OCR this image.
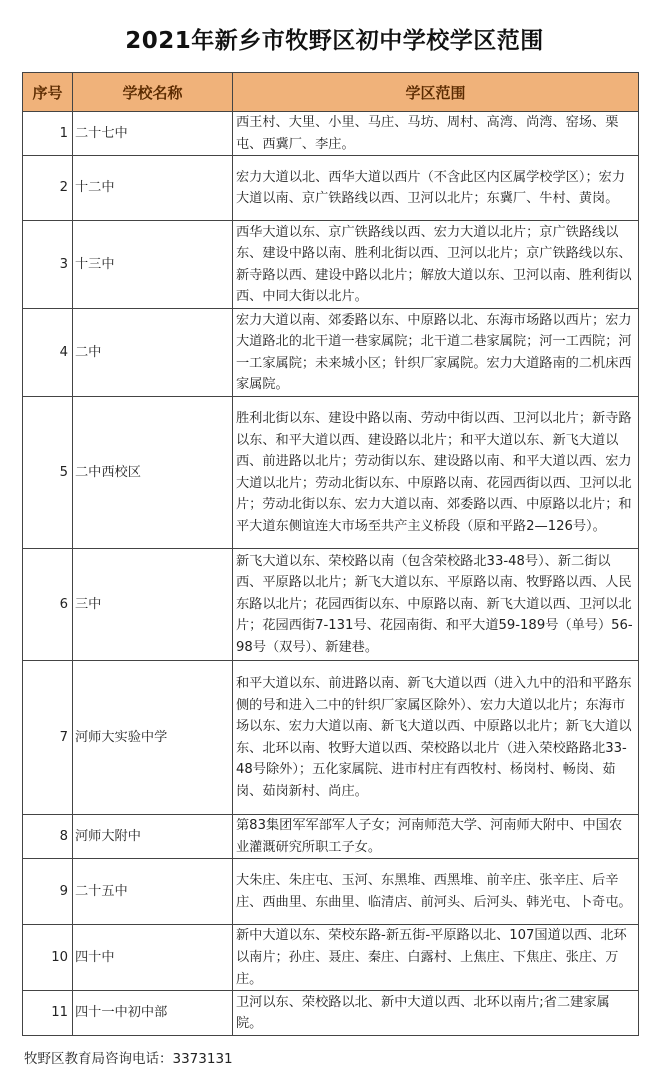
2021年新乡市牧野区初中学校学区范围
序号	学校名称	学区范围
1	二十七中	西王村、大里、小里、马庄、马坊、周村、高湾、尚湾、窑场、栗屯、西冀厂、李庄。
2	十二中	宏力大道以北、西华大道以西片（不含此区内区属学校学区）；宏力大道以南、京广铁路线以西、卫河以北片；东冀厂、牛村、黄岗。
3	十三中	西华大道以东、京广铁路线以西、宏力大道以北片；京广铁路线以东、建设中路以南、胜利北街以西、卫河以北片；京广铁路线以东、新寺路以西、建设中路以北片；解放大道以东、卫河以南、胜利街以西、中同大街以北片。
4	二中	宏力大道以南、郊委路以东、中原路以北、东海市场路以西片；宏力大道路北的北干道一巷家属院；北干道二巷家属院；河一工西院；河一工家属院；未来城小区；针织厂家属院。宏力大道路南的二机床西家属院。
5	二中西校区	胜利北街以东、建设中路以南、劳动中街以西、卫河以北片；新寺路以东、和平大道以西、建设路以北片；和平大道以东、新飞大道以西、前进路以北片；劳动街以东、建设路以南、和平大道以西、宏力大道以北片；劳动北街以东、中原路以南、花园西街以西、卫河以北片；劳动北街以东、宏力大道以南、郊委路以西、中原路以北片；和平大道东侧谊连大市场至共产主义桥段（原和平路2—126号）。
6	三中	新飞大道以东、荣校路以南（包含荣校路北33-48号）、新二街以西、平原路以北片；新飞大道以东、平原路以南、牧野路以西、人民东路以北片；花园西街以东、中原路以南、新飞大道以西、卫河以北片；花园西街7-131号、花园南街、和平大道59-189号（单号）56-98号（双号）、新建巷。
7	河师大实验中学	和平大道以东、前进路以南、新飞大道以西（进入九中的沿和平路东侧的号和进入二中的针织厂家属区除外）、宏力大道以北片；东海市场以东、宏力大道以南、新飞大道以西、中原路以北片；新飞大道以东、北环以南、牧野大道以西、荣校路以北片（进入荣校路路北33-48号除外）；五化家属院、进市村庄有西牧村、杨岗村、畅岗、茹岗、茹岗新村、尚庄。
8	河师大附中	第83集团军军部军人子女；河南师范大学、河南师大附中、中国农业灌溉研究所职工子女。
9	二十五中	大朱庄、朱庄屯、玉河、东黑堆、西黑堆、前辛庄、张辛庄、后辛庄、西曲里、东曲里、临清店、前河头、后河头、韩光屯、卜奇屯。
10	四十中	新中大道以东、荣校东路-新五街-平原路以北、107国道以西、北环以南片；孙庄、聂庄、秦庄、白露村、上焦庄、下焦庄、张庄、万庄。
11	四十一中初中部	卫河以东、荣校路以北、新中大道以西、北环以南片;省二建家属院。
牧野区教育局咨询电话：3373131
